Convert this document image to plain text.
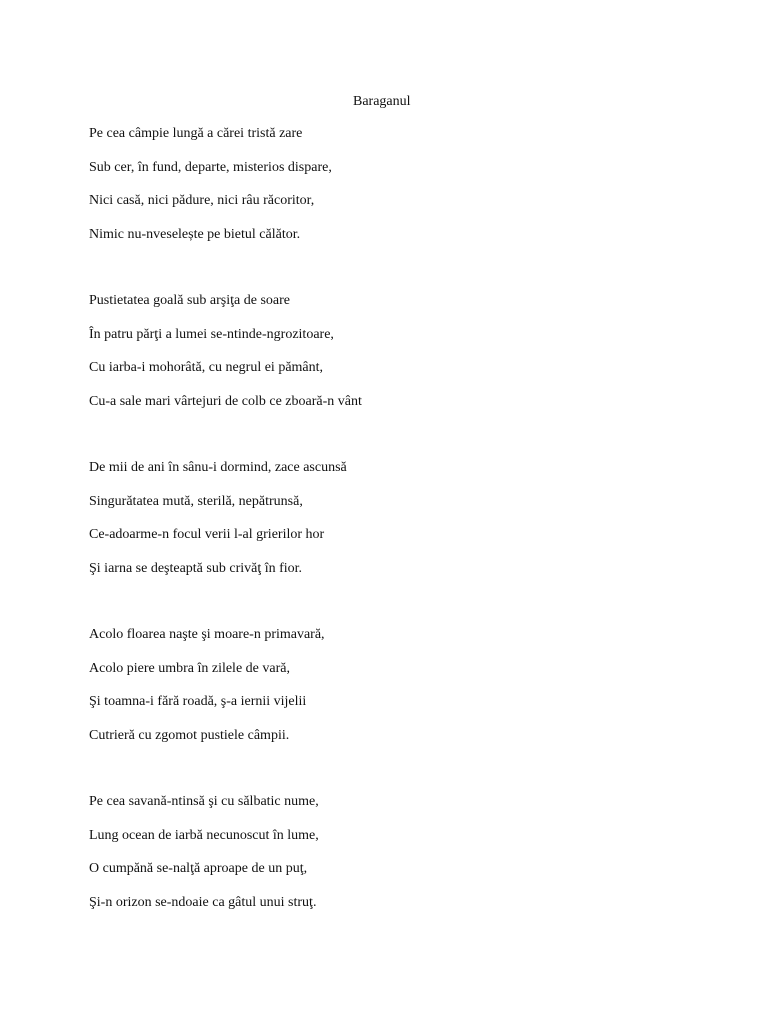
Baraganul
Pe cea câmpie lungă a cărei tristă zare
Sub cer, în fund, departe, misterios dispare,
Nici casă, nici pădure, nici râu răcoritor,
Nimic nu-nveselește pe bietul călător.
Pustietatea goală sub arşiţa de soare
În patru părţi a lumei se-ntinde-ngrozitoare,
Cu iarba-i mohorâtă, cu negrul ei pământ,
Cu-a sale mari vârtejuri de colb ce zboară-n vânt
De mii de ani în sânu-i dormind, zace ascunsă
Singurătatea mută, sterilă, nepătrunsă,
Ce-adoarme-n focul verii l-al grierilor hor
Şi iarna se deşteaptă sub crivăţ în fior.
Acolo floarea naşte şi moare-n primavară,
Acolo piere umbra în zilele de vară,
Şi toamna-i fără roadă, ş-a iernii vijelii
Cutrieră cu zgomot pustiele câmpii.
Pe cea savană-ntinsă şi cu sălbatic nume,
Lung ocean de iarbă necunoscut în lume,
O cumpănă se-nalţă aproape de un puţ,
Şi-n orizon se-ndoaie ca gâtul unui struţ.
